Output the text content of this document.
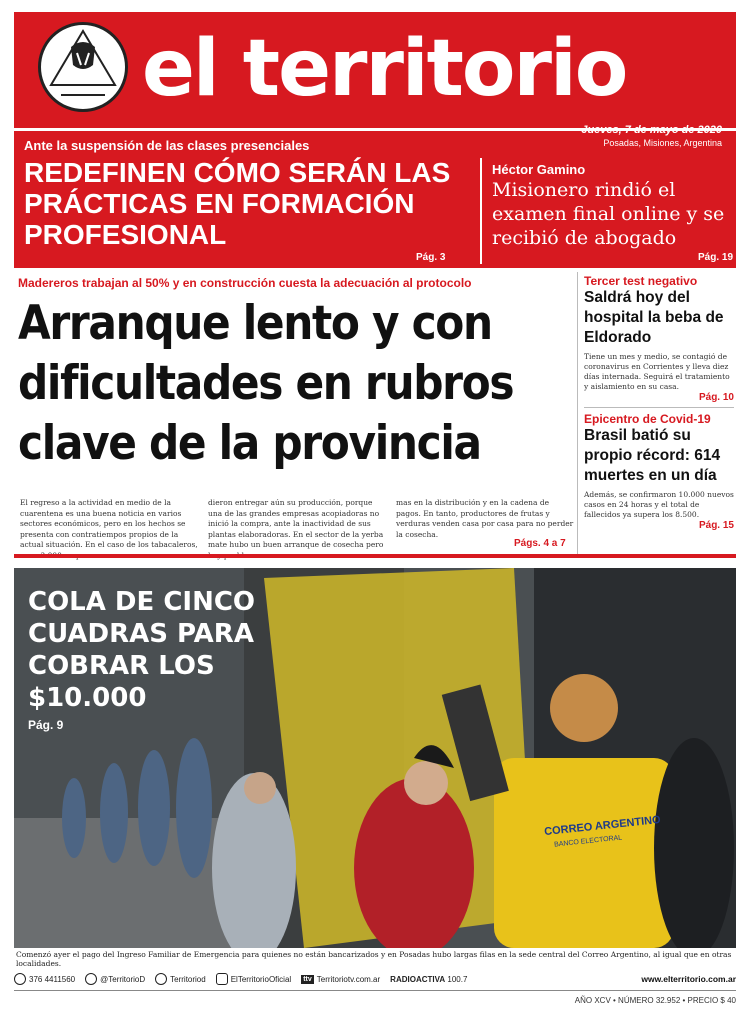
el territorio
Jueves, 7 de mayo de 2020
Posadas, Misiones, Argentina
Ante la suspensión de las clases presenciales
REDEFINEN CÓMO SERÁN LAS PRÁCTICAS EN FORMACIÓN PROFESIONAL
Pág. 3
Héctor Gamino
Misionero rindió el examen final online y se recibió de abogado
Pág. 19
Madereros trabajan al 50% y en construcción cuesta la adecuación al protocolo
Arranque lento y con dificultades en rubros clave de la provincia
El regreso a la actividad en medio de la cuarentena es una buena noticia en varios sectores económicos, pero en los hechos se presenta con contratiempos propios de la actual situación. En el caso de los tabacaleros,
dieron entregar aún su producción, porque una de las grandes empresas acopiadoras no inició la compra, ante la inactividad de sus plantas elaboradoras. En el sector de la yerba mate hubo un buen arranque de cosecha pero
mas en la distribución y en la cadena de pagos. En tanto, productores de frutas y verduras venden casa por casa para no perder la cosecha.
Págs. 4 a 7
Tercer test negativo
Saldrá hoy del hospital la beba de Eldorado
Tiene un mes y medio, se contagió de coronavirus en Corrientes y lleva diez días internada. Seguirá el tratamiento y aislamiento en su casa.
Pág. 10
Epicentro de Covid-19
Brasil batió su propio récord: 614 muertes en un día
Además, se confirmaron 10.000 nuevos casos en 24 horas y el total de fallecidos ya supera los 8.500.
Pág. 15
CORREO ARGENTINO
BANCO ELECTORAL
COLA DE CINCO CUADRAS PARA COBRAR LOS $10.000
Pág. 9
Comenzó ayer el pago del Ingreso Familiar de Emergencia para quienes no están bancarizados y en Posadas hubo largas filas en la sede central del Correo Argentino, al igual que en otras localidades.
376 4411560	@TerritorioD	Territoriod	ElTerritorioOficial ttv Territoriotv.com.ar RADIOACTIVA
100.7	www.elterritorio.com.ar
AÑO XCV • NÚMERO 32.952 • PRECIO $ 40
